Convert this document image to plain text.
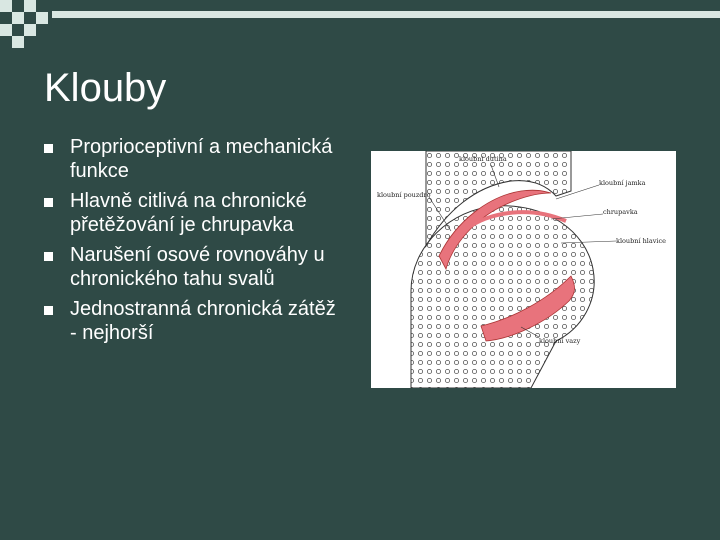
Klouby
Proprioceptivní a mechanická funkce
Hlavně citlivá na chronické přetěžování je chrupavka
Narušení osové rovnováhy u chronického tahu svalů
Jednostranná chronická zátěž - nejhorší
kloubní dutina
kloubní pouzdro
kloubní jamka
chrupavka
kloubní hlavice
kloubní vazy
